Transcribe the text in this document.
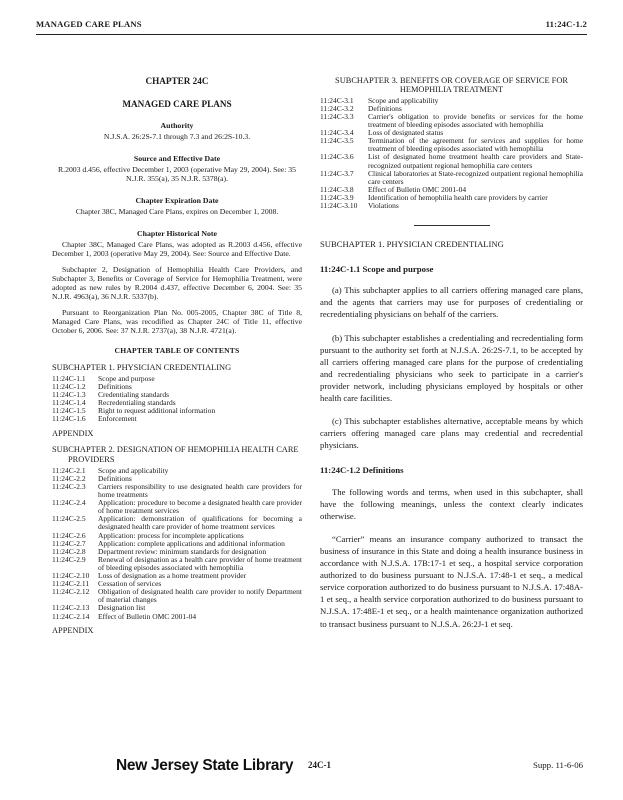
MANAGED CARE PLANS	11:24C-1.2
CHAPTER 24C
MANAGED CARE PLANS
Authority
N.J.S.A. 26:2S-7.1 through 7.3 and 26:2S-10.3.
Source and Effective Date
R.2003 d.456, effective December 1, 2003 (operative May 29, 2004). See: 35 N.J.R. 355(a), 35 N.J.R. 5378(a).
Chapter Expiration Date
Chapter 38C, Managed Care Plans, expires on December 1, 2008.
Chapter Historical Note
Chapter 38C, Managed Care Plans, was adopted as R.2003 d.456, effective December 1, 2003 (operative May 29, 2004). See: Source and Effective Date.
Subchapter 2, Designation of Hemophilia Health Care Providers, and Subchapter 3, Benefits or Coverage of Service for Hemophilia Treatment, were adopted as new rules by R.2004 d.437, effective December 6, 2004. See: 35 N.J.R. 4963(a), 36 N.J.R. 5337(b).
Pursuant to Reorganization Plan No. 005-2005, Chapter 38C of Title 8, Managed Care Plans, was recodified as Chapter 24C of Title 11, effective October 6, 2006. See: 37 N.J.R. 2737(a), 38 N.J.R. 4721(a).
CHAPTER TABLE OF CONTENTS
SUBCHAPTER 1. PHYSICIAN CREDENTIALING
11:24C-1.1	Scope and purpose
11:24C-1.2	Definitions
11:24C-1.3	Credentialing standards
11:24C-1.4	Recredentialing standards
11:24C-1.5	Right to request additional information
11:24C-1.6	Enforcement
APPENDIX
SUBCHAPTER 2. DESIGNATION OF HEMOPHILIA HEALTH CARE PROVIDERS
11:24C-2.1	Scope and applicability
11:24C-2.2	Definitions
11:24C-2.3	Carriers responsibility to use designated health care providers for home treatments
11:24C-2.4	Application: procedure to become a designated health care provider of home treatment services
11:24C-2.5	Application: demonstration of qualifications for becoming a designated health care provider of home treatment services
11:24C-2.6	Application: process for incomplete applications
11:24C-2.7	Application: complete applications and additional information
11:24C-2.8	Department review: minimum standards for designation
11:24C-2.9	Renewal of designation as a health care provider of home treatment of bleeding episodes associated with hemophilia
11:24C-2.10	Loss of designation as a home treatment provider
11:24C-2.11	Cessation of services
11:24C-2.12	Obligation of designated health care provider to notify Department of material changes
11:24C-2.13	Designation list
11:24C-2.14	Effect of Bulletin OMC 2001-04
APPENDIX
SUBCHAPTER 3. BENEFITS OR COVERAGE OF SERVICE FOR HEMOPHILIA TREATMENT
11:24C-3.1	Scope and applicability
11:24C-3.2	Definitions
11:24C-3.3	Carrier's obligation to provide benefits or services for the home treatment of bleeding episodes associated with hemophilia
11:24C-3.4	Loss of designated status
11:24C-3.5	Termination of the agreement for services and supplies for home treatment of bleeding episodes associated with hemophilia
11:24C-3.6	List of designated home treatment health care providers and State-recognized outpatient regional hemophilia care centers
11:24C-3.7	Clinical laboratories at State-recognized outpatient regional hemophilia care centers
11:24C-3.8	Effect of Bulletin OMC 2001-04
11:24C-3.9	Identification of hemophilia health care providers by carrier
11:24C-3.10	Violations
SUBCHAPTER 1. PHYSICIAN CREDENTIALING
11:24C-1.1 Scope and purpose
(a) This subchapter applies to all carriers offering managed care plans, and the agents that carriers may use for purposes of credentialing or recredentialing physicians on behalf of the carriers.
(b) This subchapter establishes a credentialing and recredentialing form pursuant to the authority set forth at N.J.S.A. 26:2S-7.1, to be accepted by all carriers offering managed care plans for the purpose of credentialing and recredentialing physicians who seek to participate in a carrier's provider network, including physicians employed by hospitals or other health care facilities.
(c) This subchapter establishes alternative, acceptable means by which carriers offering managed care plans may credential and recredential physicians.
11:24C-1.2 Definitions
The following words and terms, when used in this subchapter, shall have the following meanings, unless the context clearly indicates otherwise.
“Carrier” means an insurance company authorized to transact the business of insurance in this State and doing a health insurance business in accordance with N.J.S.A. 17B:17-1 et seq., a hospital service corporation authorized to do business pursuant to N.J.S.A. 17:48-1 et seq., a medical service corporation authorized to do business pursuant to N.J.S.A. 17:48A-1 et seq., a health service corporation authorized to do business pursuant to N.J.S.A. 17:48E-1 et seq., or a health maintenance organization authorized to transact business pursuant to N.J.S.A. 26:2J-1 et seq.
New Jersey State Library 24C-1	Supp. 11-6-06
